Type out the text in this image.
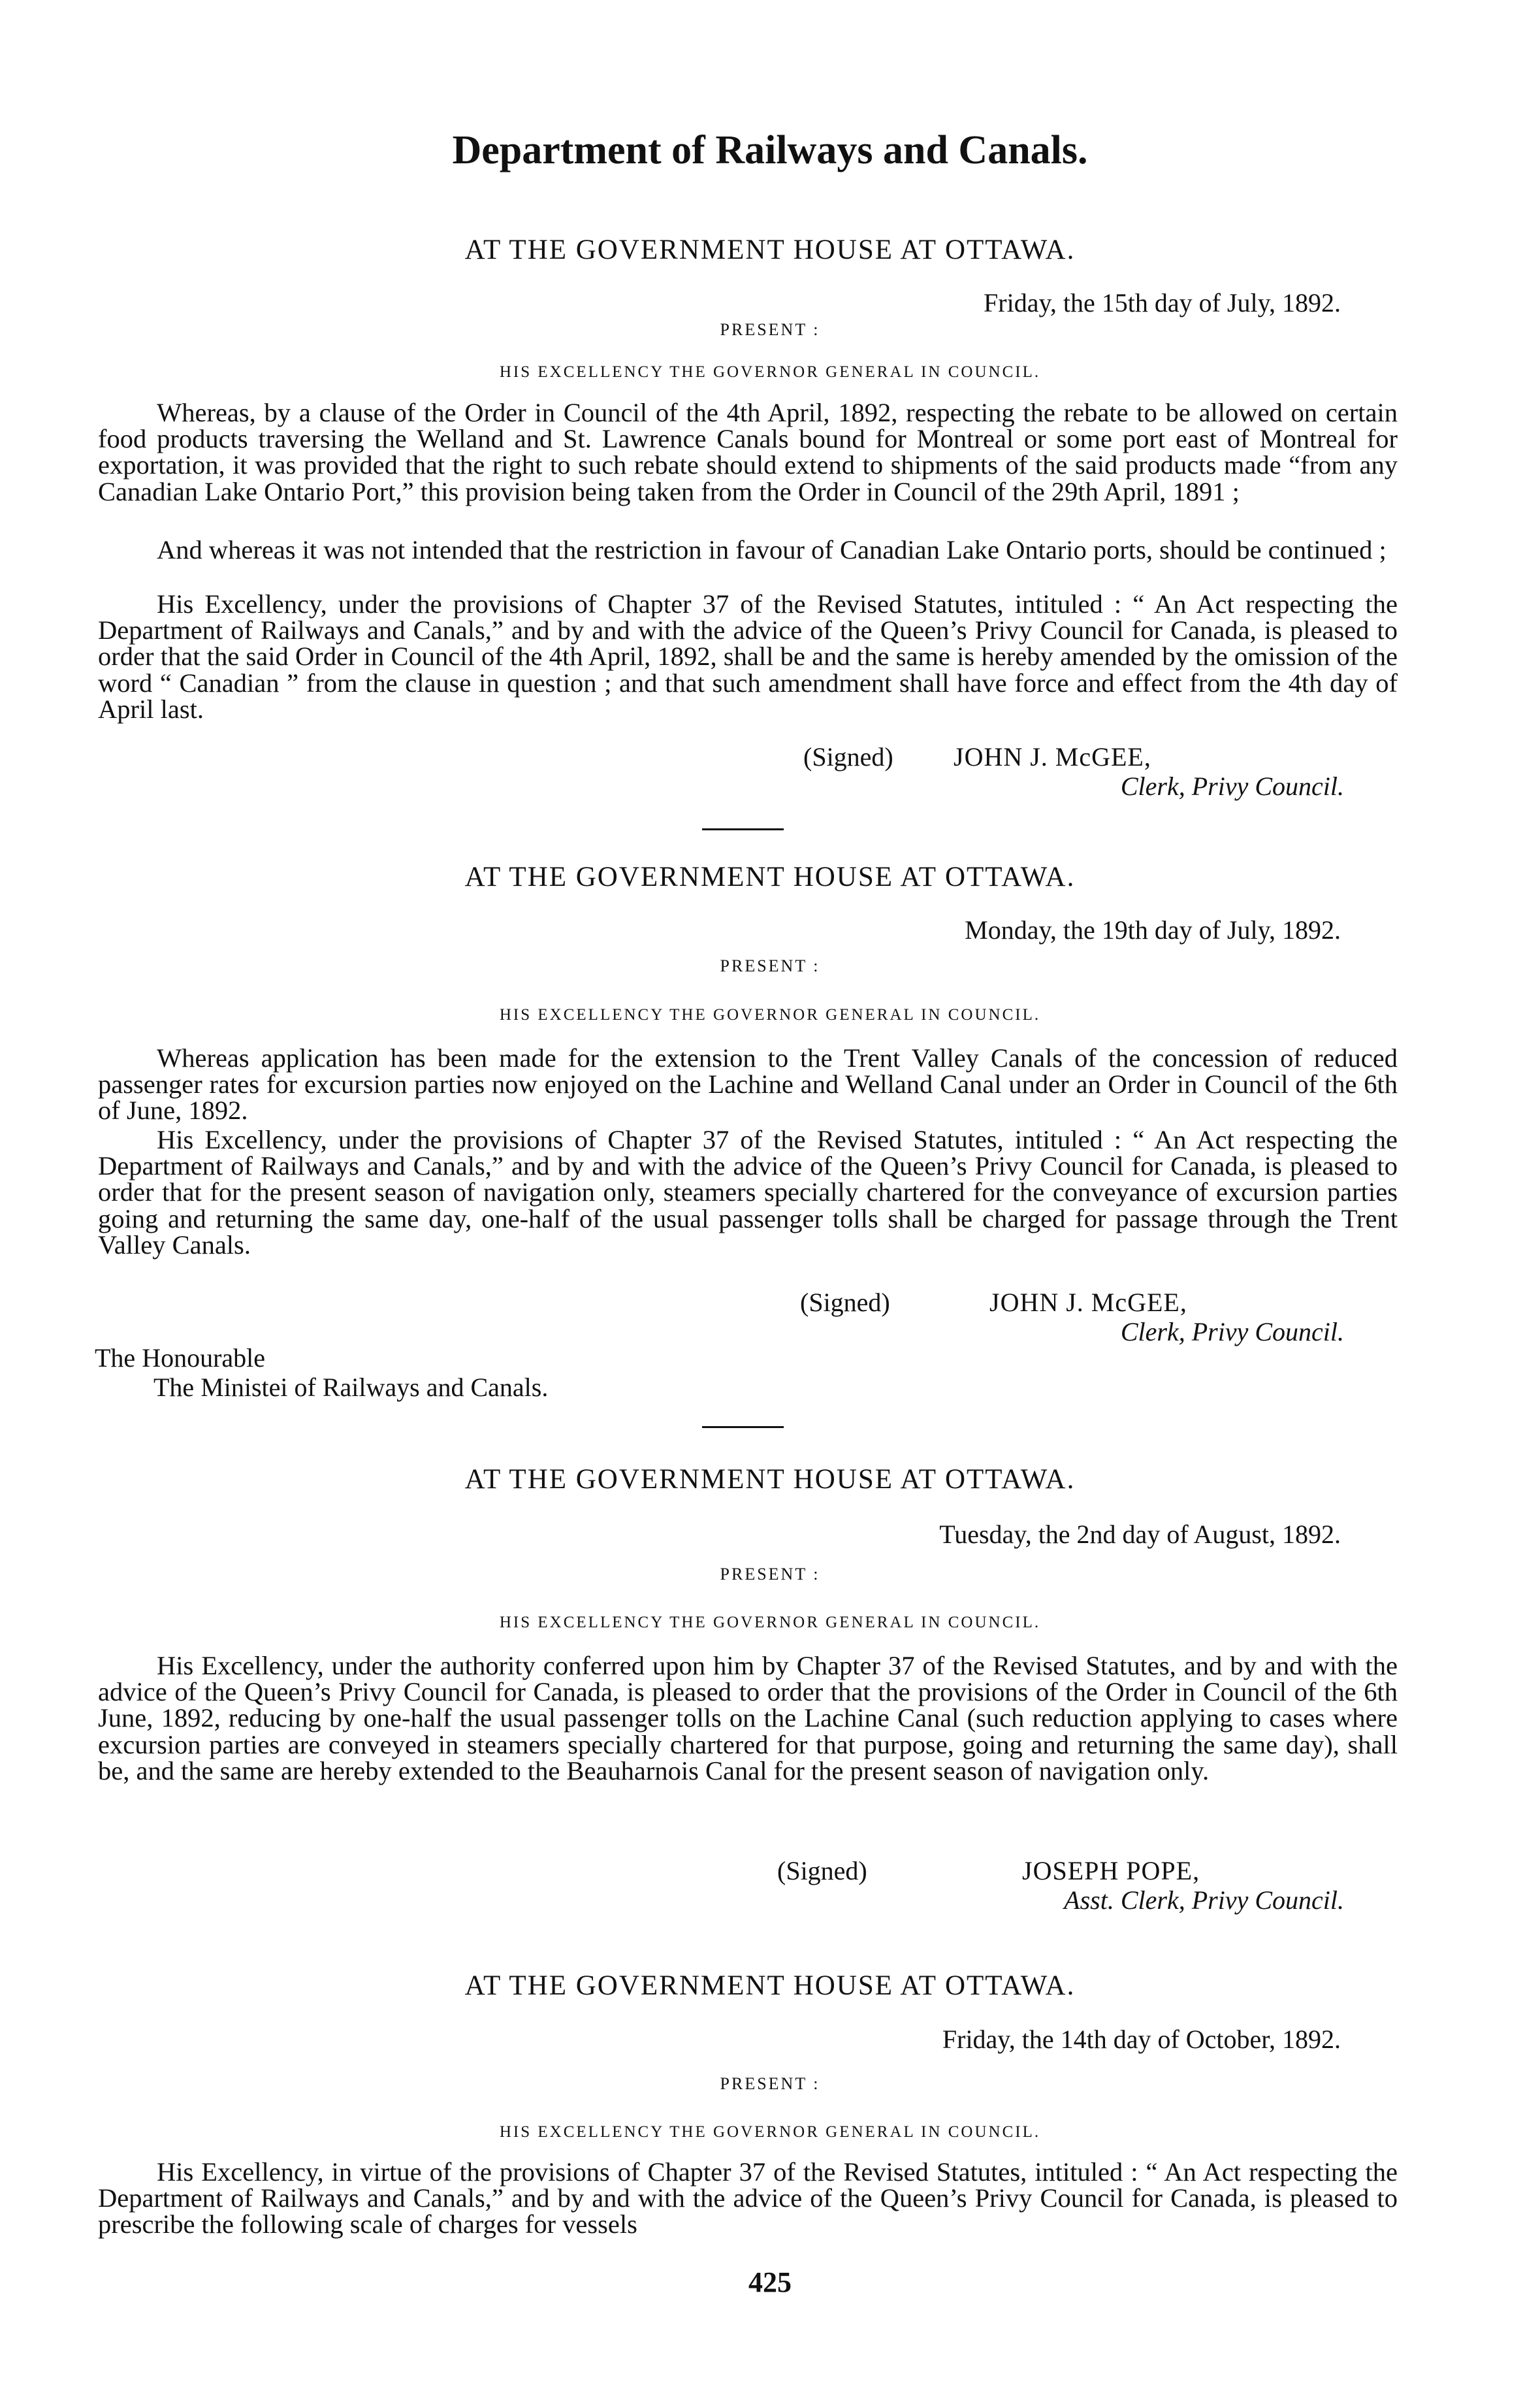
Department of Railways and Canals.
AT THE GOVERNMENT HOUSE AT OTTAWA.
Friday, the 15th day of July, 1892.
PRESENT :
HIS EXCELLENCY THE GOVERNOR GENERAL IN COUNCIL.

Whereas, by a clause of the Order in Council of the 4th April, 1892, respecting the rebate to be allowed on certain food products traversing the Welland and St. Lawrence Canals bound for Montreal or some port east of Montreal for exportation, it was provided that the right to such rebate should extend to shipments of the said products made “from any Canadian Lake Ontario Port,” this provision being taken from the Order in Council of the 29th April, 1891 ;

And whereas it was not intended that the restriction in favour of Canadian Lake Ontario ports, should be continued ;

His Excellency, under the provisions of Chapter 37 of the Revised Statutes, intituled : “ An Act respecting the Department of Railways and Canals,” and by and with the advice of the Queen’s Privy Council for Canada, is pleased to order that the said Order in Council of the 4th April, 1892, shall be and the same is hereby amended by the omission of the word “ Canadian ” from the clause in question ; and that such amendment shall have force and effect from the 4th day of April last.

(Signed) JOHN J. McGEE,
Clerk, Privy Council.
AT THE GOVERNMENT HOUSE AT OTTAWA.
Monday, the 19th day of July, 1892.
PRESENT :
HIS EXCELLENCY THE GOVERNOR GENERAL IN COUNCIL.

Whereas application has been made for the extension to the Trent Valley Canals of the concession of reduced passenger rates for excursion parties now enjoyed on the Lachine and Welland Canal under an Order in Council of the 6th of June, 1892.

His Excellency, under the provisions of Chapter 37 of the Revised Statutes, intituled : “ An Act respecting the Department of Railways and Canals,” and by and with the advice of the Queen’s Privy Council for Canada, is pleased to order that for the present season of navigation only, steamers specially chartered for the conveyance of excursion parties going and returning the same day, one-half of the usual passenger tolls shall be charged for passage through the Trent Valley Canals.

(Signed)	JOHN J. McGEE,
Clerk, Privy Council.
The Honourable
The Ministei of Railways and Canals.
AT THE GOVERNMENT HOUSE AT OTTAWA.
Tuesday, the 2nd day of August, 1892.
PRESENT :
HIS EXCELLENCY THE GOVERNOR GENERAL IN COUNCIL.

His Excellency, under the authority conferred upon him by Chapter 37 of the Revised Statutes, and by and with the advice of the Queen’s Privy Council for Canada, is pleased to order that the provisions of the Order in Council of the 6th June, 1892, reducing by one-half the usual passenger tolls on the Lachine Canal (such reduction applying to cases where excursion parties are conveyed in steamers specially chartered for that purpose, going and returning the same day), shall be, and the same are hereby extended to the Beauharnois Canal for the present season of navigation only.

(Signed)	JOSEPH POPE,
Asst. Clerk, Privy Council.
AT THE GOVERNMENT HOUSE AT OTTAWA.
Friday, the 14th day of October, 1892.
PRESENT :
HIS EXCELLENCY THE GOVERNOR GENERAL IN COUNCIL.

His Excellency, in virtue of the provisions of Chapter 37 of the Revised Statutes, intituled : “ An Act respecting the Department of Railways and Canals,” and by and with the advice of the Queen’s Privy Council for Canada, is pleased to prescribe the following scale of charges for vessels

425
